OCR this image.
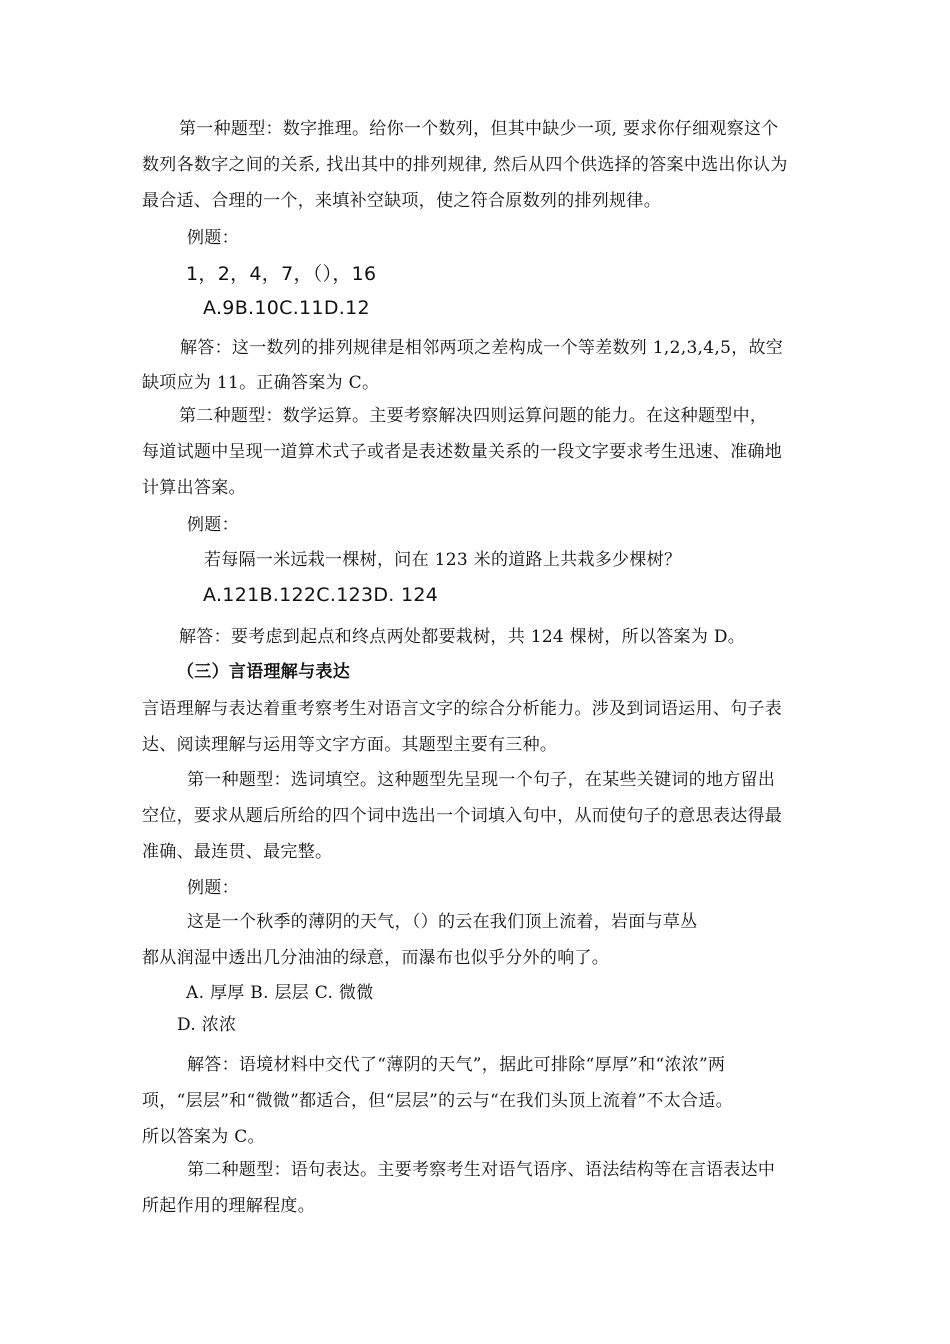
第一种题型：数字推理。给你一个数列，但其中缺少一项, 要求你仔细观察这个
数列各数字之间的关系, 找出其中的排列规律, 然后从四个供选择的答案中选出你认为
最合适、合理的一个，来填补空缺项，使之符合原数列的排列规律。
例题：
1，2，4，7，（），16
A.9B.10C.11D.12
解答：这一数列的排列规律是相邻两项之差构成一个等差数列 1,2,3,4,5，故空
缺项应为 11。正确答案为 C。
第二种题型：数学运算。主要考察解决四则运算问题的能力。在这种题型中，
每道试题中呈现一道算术式子或者是表述数量关系的一段文字要求考生迅速、准确地
计算出答案。
例题：
若每隔一米远栽一棵树，问在 123 米的道路上共栽多少棵树？
A.121B.122C.123D. 124
解答：要考虑到起点和终点两处都要栽树，共 124 棵树，所以答案为 D。
（三）言语理解与表达
言语理解与表达着重考察考生对语言文字的综合分析能力。涉及到词语运用、句子表
达、阅读理解与运用等文字方面。其题型主要有三种。
第一种题型：选词填空。这种题型先呈现一个句子，在某些关键词的地方留出
空位，要求从题后所给的四个词中选出一个词填入句中，从而使句子的意思表达得最
准确、最连贯、最完整。
例题：
这是一个秋季的薄阴的天气，（）的云在我们顶上流着，岩面与草丛
都从润湿中透出几分油油的绿意，而瀑布也似乎分外的响了。
A. 厚厚 B. 层层 C. 微微
D. 浓浓
解答：语境材料中交代了“薄阴的天气”，据此可排除“厚厚”和“浓浓”两
项，“层层”和“微微”都适合，但“层层”的云与“在我们头顶上流着”不太合适。
所以答案为 C。
第二种题型：语句表达。主要考察考生对语气语序、语法结构等在言语表达中
所起作用的理解程度。
